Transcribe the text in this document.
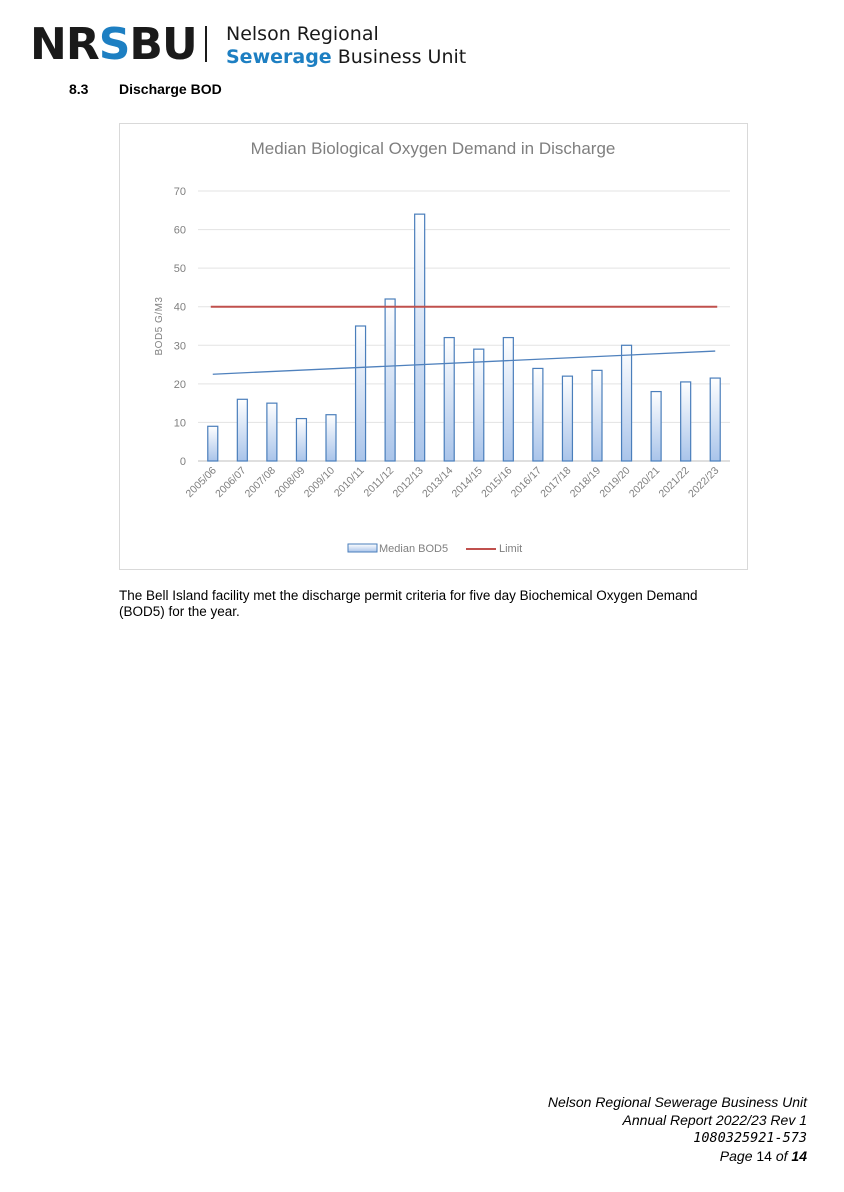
NRSBU Nelson Regional
Sewerage Business Unit
8.3 Discharge BOD
Median Biological Oxygen Demand in Discharge
0
10
20
30
40
50
60
70
BOD5 G/M3
2005/06
2006/07
2007/08
2008/09
2009/10
2010/11
2011/12
2012/13
2013/14
2014/15
2015/16
2016/17
2017/18
2018/19
2019/20
2020/21
2021/22
2022/23
Median BOD5	Limit
The Bell Island facility met the discharge permit criteria for five day Biochemical Oxygen Demand (BOD5) for the year.
Nelson Regional Sewerage Business Unit
Annual Report 2022/23 Rev 1
1080325921-573
Page 14 of 14
